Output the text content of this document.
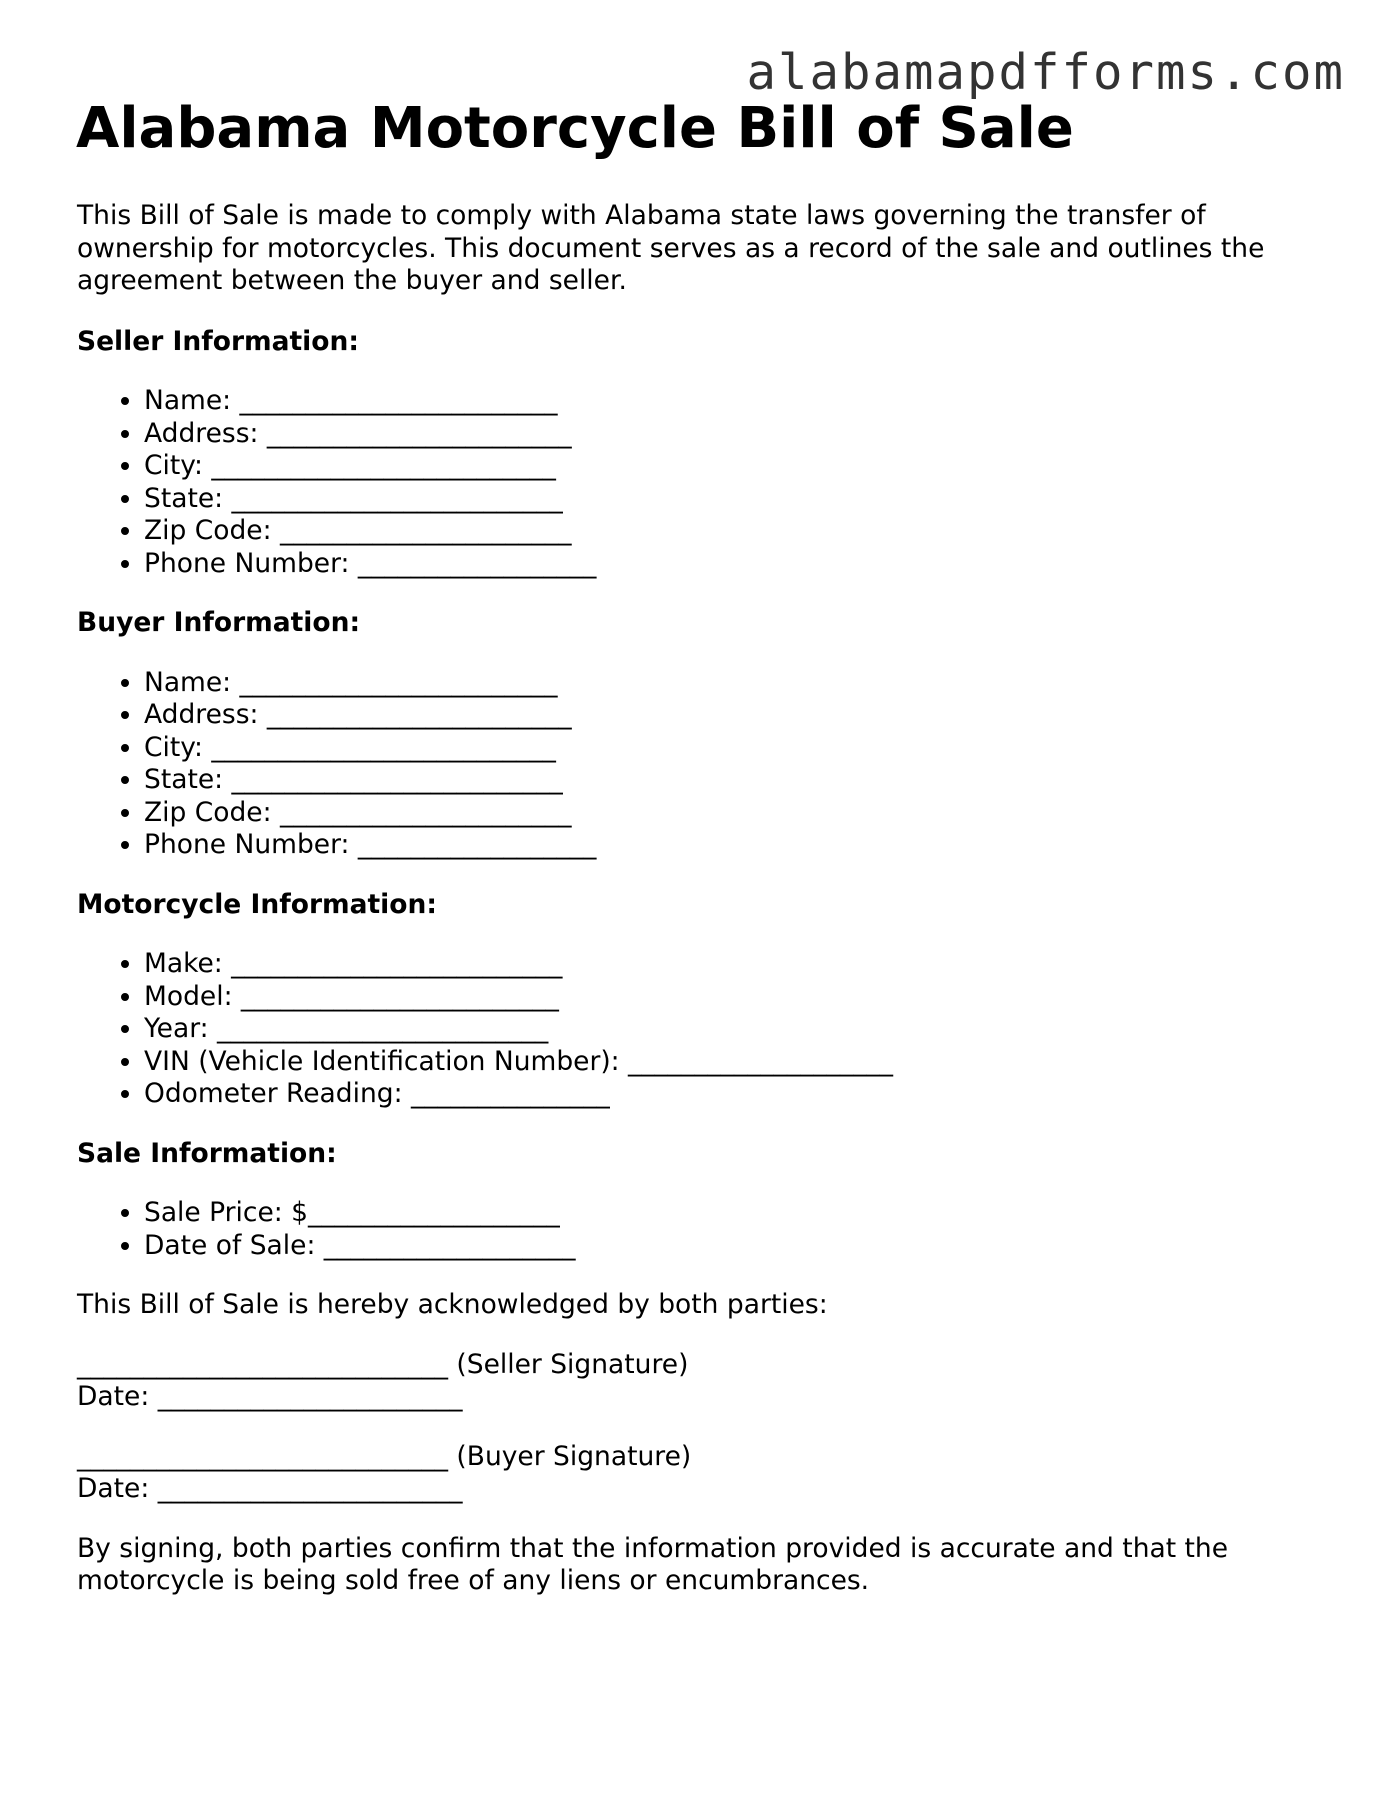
alabamapdfforms.com
Alabama Motorcycle Bill of Sale

This Bill of Sale is made to comply with Alabama state laws governing the transfer of ownership for motorcycles. This document serves as a record of the sale and outlines the agreement between the buyer and seller.

Seller Information:

• Name: ________________________
• Address: _______________________
• City: __________________________
• State: _________________________
• Zip Code: ______________________
• Phone Number: __________________

Buyer Information:

• Name: ________________________
• Address: _______________________
• City: __________________________
• State: _________________________
• Zip Code: ______________________
• Phone Number: __________________

Motorcycle Information:

• Make: _________________________
• Model: ________________________
• Year: _________________________
• VIN (Vehicle Identification Number): ____________________
• Odometer Reading: _______________

Sale Information:

• Sale Price: $___________________
• Date of Sale: ___________________

This Bill of Sale is hereby acknowledged by both parties:

____________________________ (Seller Signature)
Date: _______________________
____________________________ (Buyer Signature)
Date: _______________________

By signing, both parties confirm that the information provided is accurate and that the motorcycle is being sold free of any liens or encumbrances.
